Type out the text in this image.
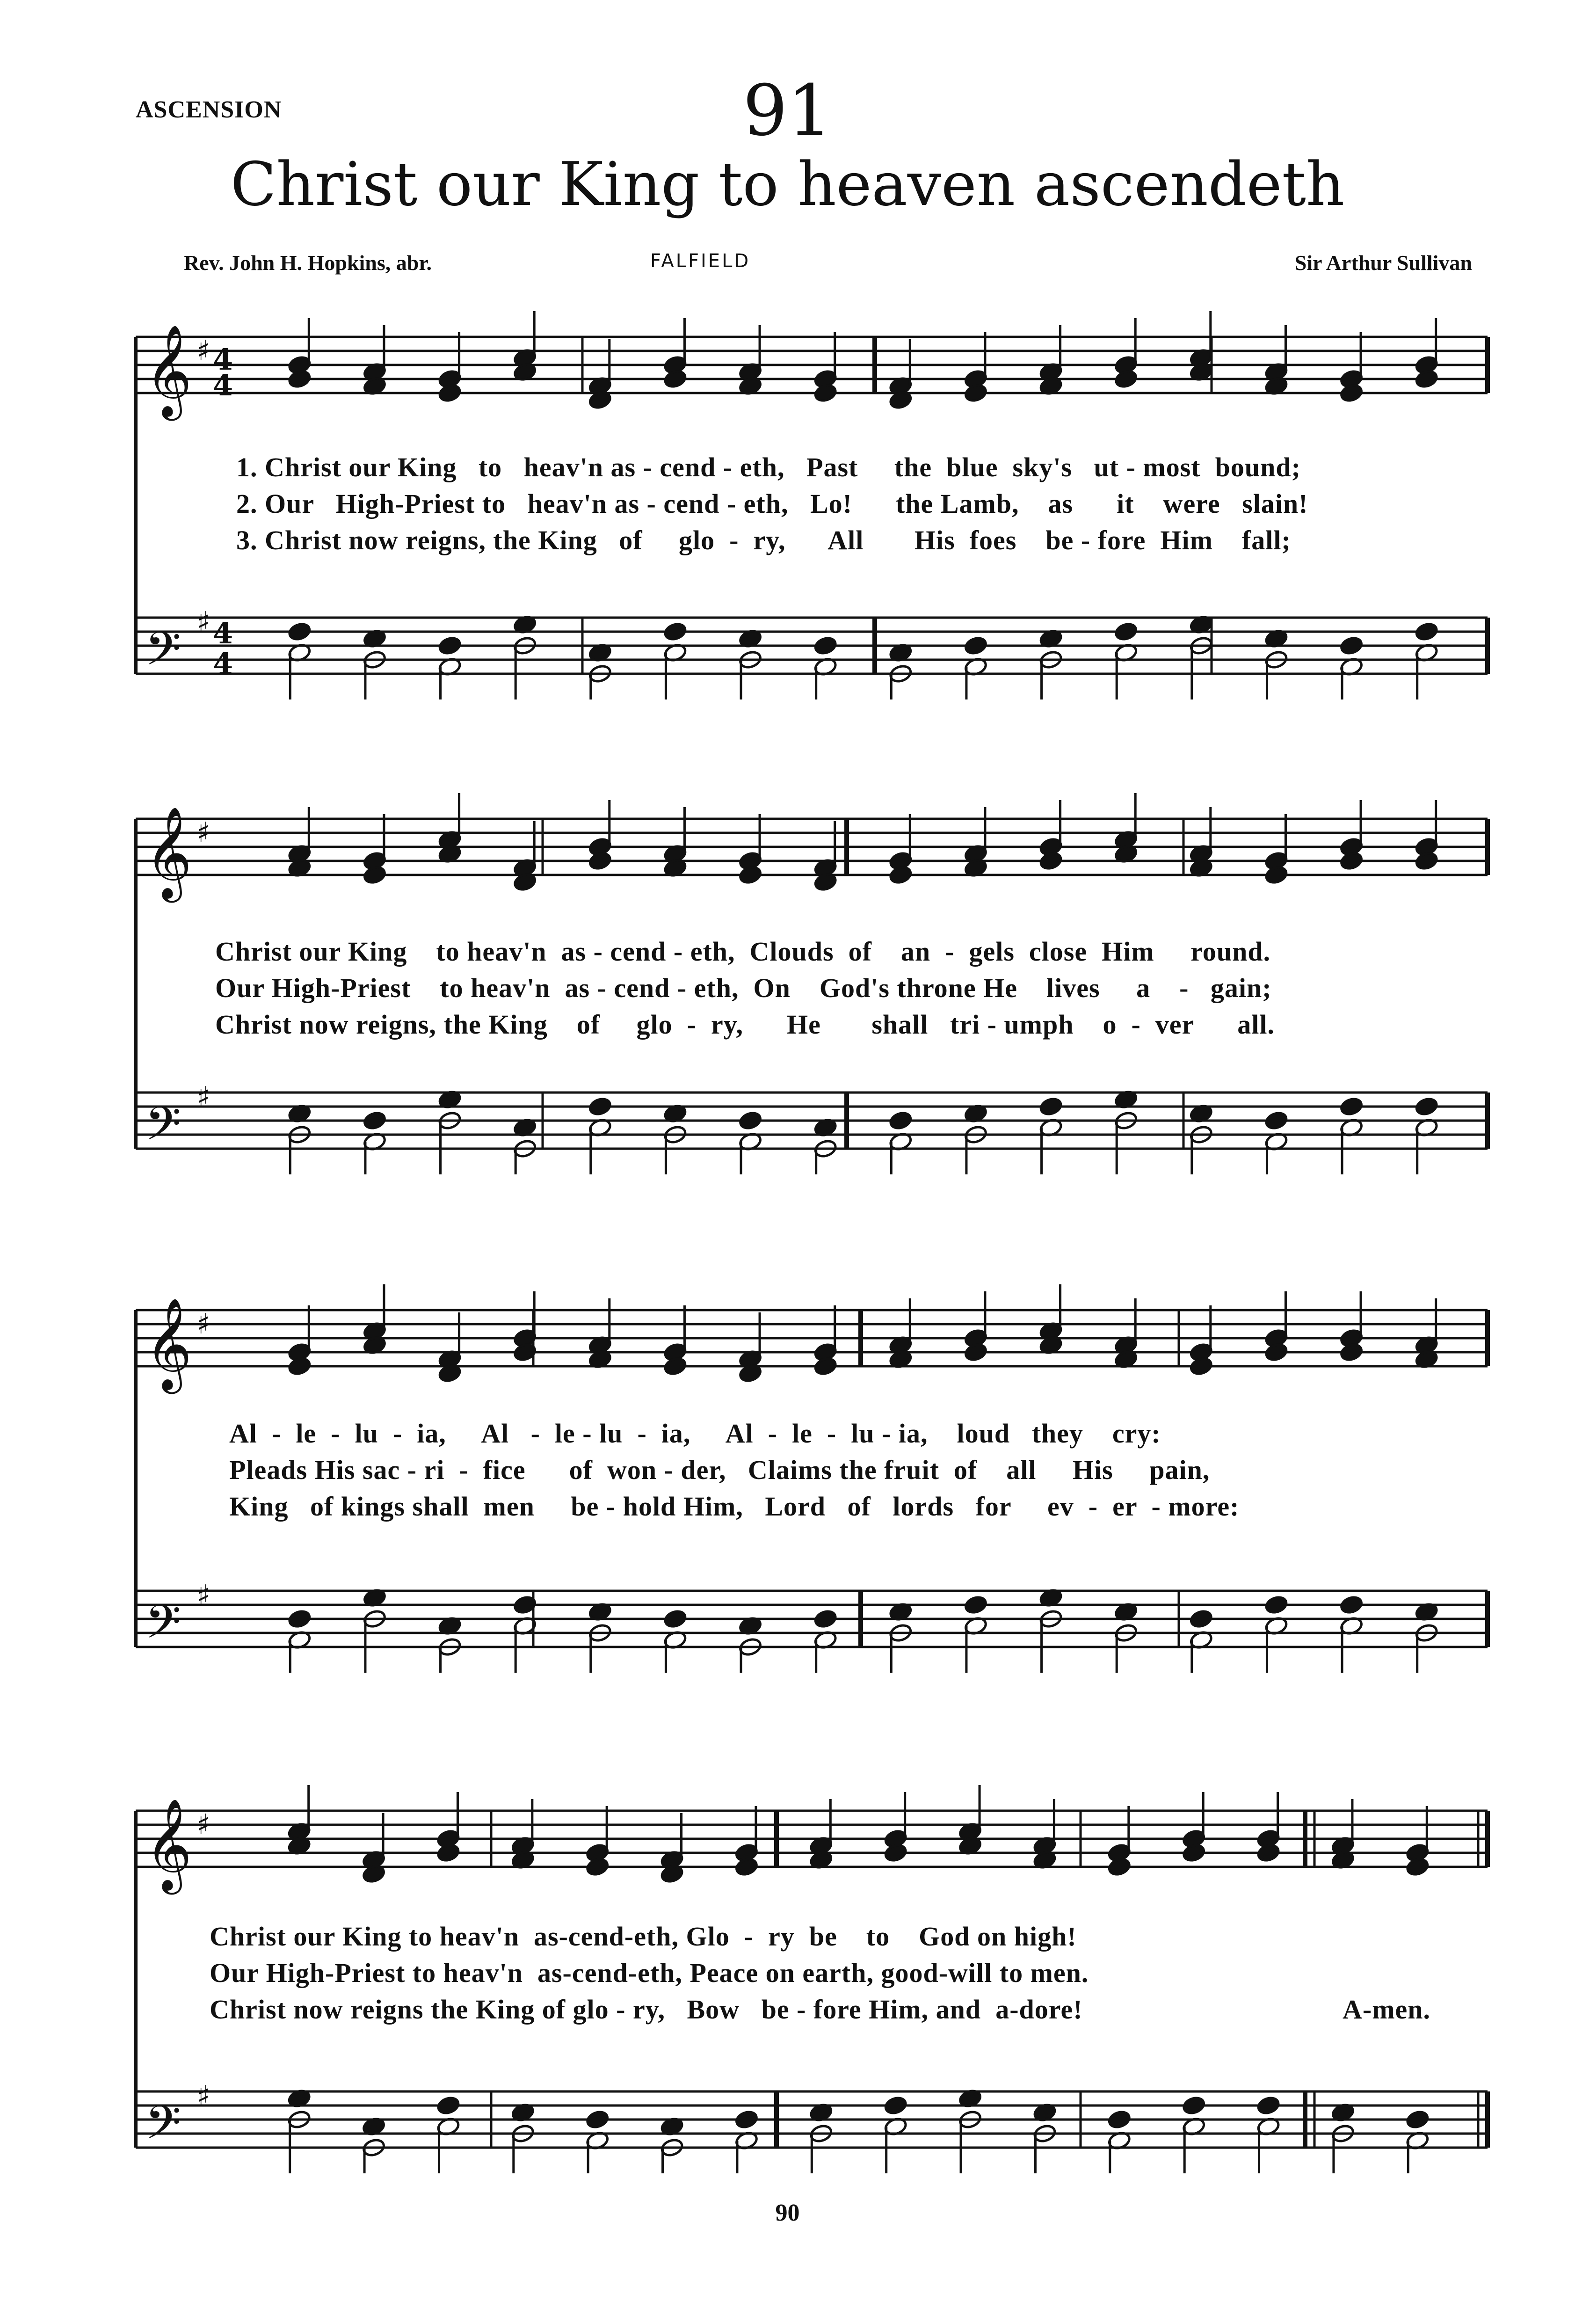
ASCENSION	91
Christ our King to heaven ascendeth
Rev. John H. Hopkins, abr.	FALFIELD	Sir Arthur Sullivan
𝄞
𝄢
♯
♯
4
4
4
4
𝄞
𝄢
♯
♯
𝄞
𝄢
♯
♯
𝄞
𝄢
♯
♯
1. Christ our King   to   heav'n as - cend - eth,   Past     the  blue  sky's   ut - most  bound;
2. Our   High-Priest to   heav'n as - cend - eth,   Lo!      the Lamb,    as      it    were   slain!
3. Christ now reigns, the King   of     glo  -  ry,      All       His  foes    be - fore  Him    fall;
Christ our King    to heav'n  as - cend - eth,  Clouds  of    an  -  gels  close  Him     round.
Our High-Priest    to heav'n  as - cend - eth,  On    God's throne He    lives     a    -   gain;
Christ now reigns, the King    of     glo  -  ry,      He       shall   tri - umph    o  -  ver      all.
Al  -  le  -  lu  -  ia,     Al   -  le - lu  -  ia,     Al  -  le  -  lu - ia,    loud   they    cry:
Pleads His sac - ri  -  fice      of  won - der,   Claims the fruit  of    all     His     pain,
King   of kings shall  men     be - hold Him,   Lord   of   lords   for     ev  -  er  - more:
Christ our King to heav'n  as-cend-eth, Glo  -  ry  be    to    God on high!
Our High-Priest to heav'n  as-cend-eth, Peace on earth, good-will to men.
Christ now reigns the King of glo - ry,   Bow   be - fore Him, and  a-dore!	A-men.
90
